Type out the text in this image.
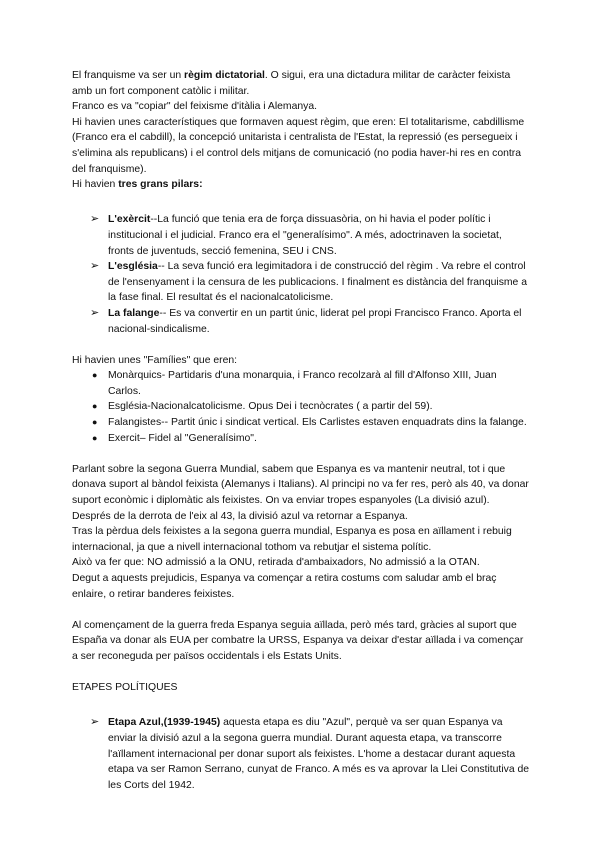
El franquisme va ser un règim dictatorial. O sigui, era una dictadura militar de caràcter feixista amb un fort component catòlic i militar.

Franco es va "copiar" del feixisme d'itàlia i Alemanya.

Hi havien unes característiques que formaven aquest règim, que eren: El totalitarisme, cabdillisme (Franco era el cabdill), la concepció unitarista i centralista de l'Estat, la repressió (es persegueix i s'elimina als republicans) i el control dels mitjans de comunicació (no podia haver-hi res en contra del franquisme).

Hi havien tres grans pilars:

➢ L'exèrcit--La funció que tenia era de força dissuasòria, on hi havia el poder polític i institucional i el judicial. Franco era el "generalísimo". A més, adoctrinaven la societat, fronts de juventuds, secció femenina, SEU i CNS.
➢ L'església-- La seva funció era legimitadora i de construcció del règim . Va rebre el control de l'ensenyament i la censura de les publicacions. I finalment es distància del franquisme a la fase final. El resultat és el nacionalcatolicisme.
➢ La falange-- Es va convertir en un partit únic, liderat pel propi Francisco Franco. Aporta el nacional-sindicalisme.

Hi havien unes "Famílies" que eren:

● Monàrquics- Partidaris d'una monarquia, i Franco recolzarà al fill d'Alfonso XIII, Juan Carlos.
● Església-Nacionalcatolicisme. Opus Dei i tecnòcrates ( a partir del 59).
● Falangistes-- Partit únic i sindicat vertical. Els Carlistes estaven enquadrats dins la falange.
● Exercit– Fidel al "Generalísimo".

Parlant sobre la segona Guerra Mundial, sabem que Espanya es va mantenir neutral, tot i que donava suport al bàndol feixista (Alemanys i Italians). Al principi no va fer res, però als 40, va donar suport econòmic i diplomàtic als feixistes. On va enviar tropes espanyoles (La divisió azul). Després de la derrota de l'eix al 43, la divisió azul va retornar a Espanya.

Tras la pèrdua dels feixistes a la segona guerra mundial, Espanya es posa en aïllament i rebuig internacional, ja que a nivell internacional tothom va rebutjar el sistema polític.

Això va fer que: NO admissió a la ONU, retirada d'ambaixadors, No admissió a la OTAN.

Degut a aquests prejudicis, Espanya va començar a retira costums com saludar amb el braç enlaire, o retirar banderes feixistes.

Al començament de la guerra freda Espanya seguia aïllada, però més tard, gràcies al suport que España va donar als EUA per combatre la URSS, Espanya va deixar d'estar aïllada i va començar a ser reconeguda per països occidentals i els Estats Units.

ETAPES POLÍTIQUES

➢ Etapa Azul,(1939-1945) aquesta etapa es diu "Azul", perquè va ser quan Espanya va enviar la divisió azul a la segona guerra mundial. Durant aquesta etapa, va transcorre l'aïllament internacional per donar suport als feixistes. L'home a destacar durant aquesta etapa va ser Ramon Serrano, cunyat de Franco. A més es va aprovar la Llei Constitutiva de les Corts del 1942.
